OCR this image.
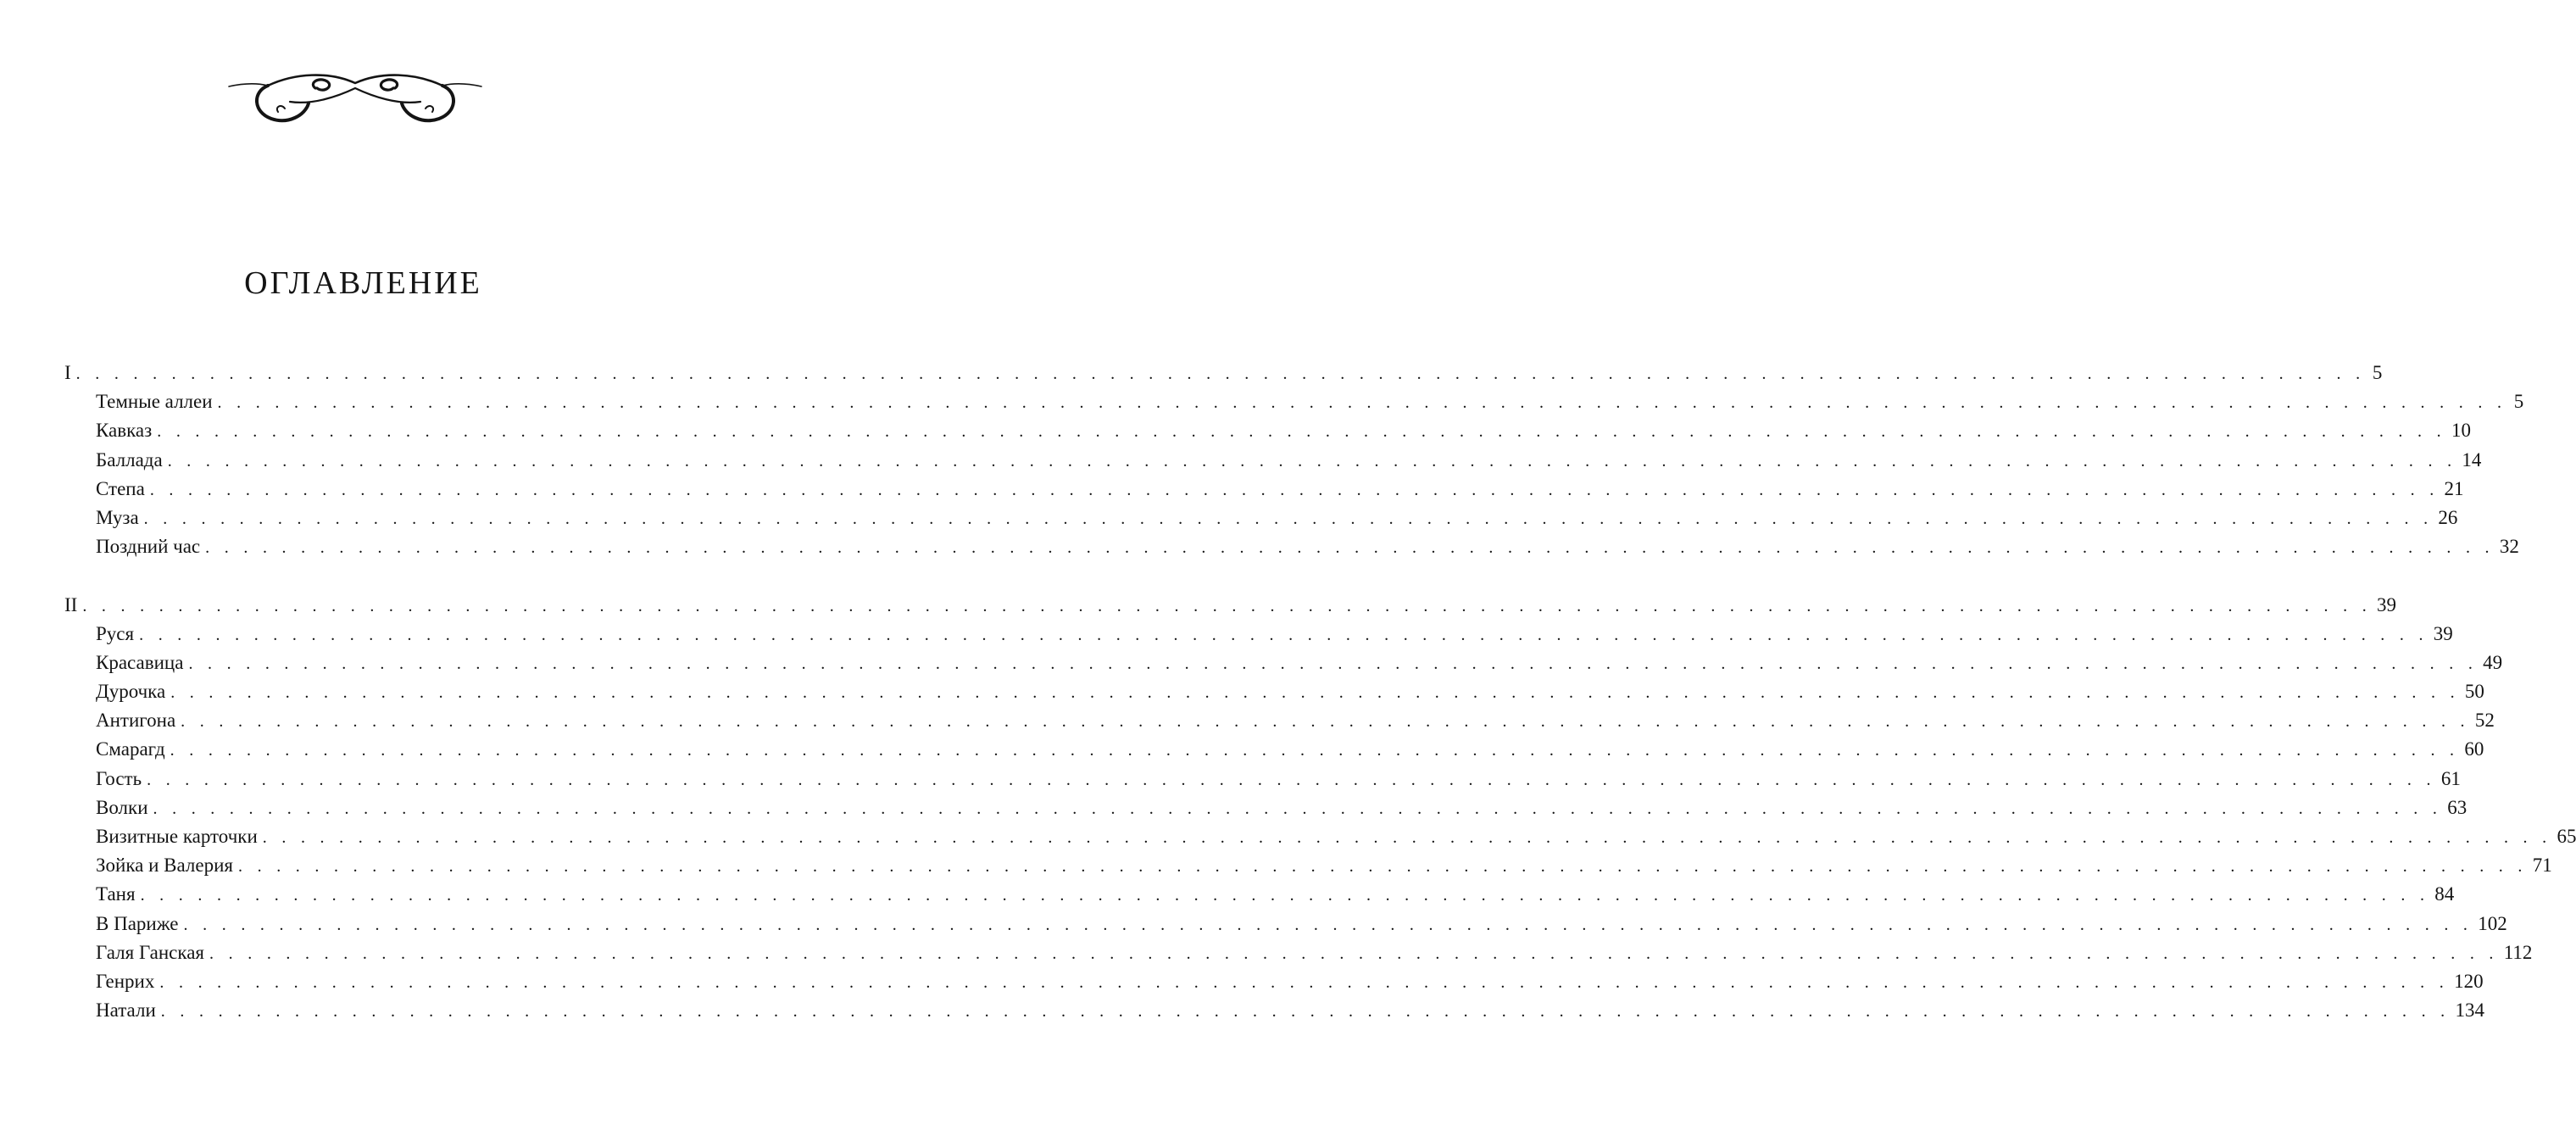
ОГЛАВЛЕНИЕ
I . . . . . . . . . . . . . . . . . . . . . . . . . . . . . . . . . . . . . . . . . . . . . . . . . . . . . . . . . . . . . . . . . . . . . . . . . . . . . . . . . . . . . . . . . . . . . . . . . . . . . . . . . . . . . . . . . . . . . . . . 5
Темные аллеи . . . . . . . . . . . . . . . . . . . . . . . . . . . . . . . . . . . . . . . . . . . . . . . . . . . . . . . . . . . . . . . . . . . . . . . . . . . . . . . . . . . . . . . . . . . . . . . . . . . . . . . . . . . . . . . . . . . . . . . . 5
Кавказ . . . . . . . . . . . . . . . . . . . . . . . . . . . . . . . . . . . . . . . . . . . . . . . . . . . . . . . . . . . . . . . . . . . . . . . . . . . . . . . . . . . . . . . . . . . . . . . . . . . . . . . . . . . . . . . . . . . . . . . . 10
Баллада . . . . . . . . . . . . . . . . . . . . . . . . . . . . . . . . . . . . . . . . . . . . . . . . . . . . . . . . . . . . . . . . . . . . . . . . . . . . . . . . . . . . . . . . . . . . . . . . . . . . . . . . . . . . . . . . . . . . . . . . 14
Степа . . . . . . . . . . . . . . . . . . . . . . . . . . . . . . . . . . . . . . . . . . . . . . . . . . . . . . . . . . . . . . . . . . . . . . . . . . . . . . . . . . . . . . . . . . . . . . . . . . . . . . . . . . . . . . . . . . . . . . . . 21
Муза . . . . . . . . . . . . . . . . . . . . . . . . . . . . . . . . . . . . . . . . . . . . . . . . . . . . . . . . . . . . . . . . . . . . . . . . . . . . . . . . . . . . . . . . . . . . . . . . . . . . . . . . . . . . . . . . . . . . . . . . 26
Поздний час . . . . . . . . . . . . . . . . . . . . . . . . . . . . . . . . . . . . . . . . . . . . . . . . . . . . . . . . . . . . . . . . . . . . . . . . . . . . . . . . . . . . . . . . . . . . . . . . . . . . . . . . . . . . . . . . . . . . . . . . 32
II . . . . . . . . . . . . . . . . . . . . . . . . . . . . . . . . . . . . . . . . . . . . . . . . . . . . . . . . . . . . . . . . . . . . . . . . . . . . . . . . . . . . . . . . . . . . . . . . . . . . . . . . . . . . . . . . . . . . . . . . 39
Руся . . . . . . . . . . . . . . . . . . . . . . . . . . . . . . . . . . . . . . . . . . . . . . . . . . . . . . . . . . . . . . . . . . . . . . . . . . . . . . . . . . . . . . . . . . . . . . . . . . . . . . . . . . . . . . . . . . . . . . . . 39
Красавица . . . . . . . . . . . . . . . . . . . . . . . . . . . . . . . . . . . . . . . . . . . . . . . . . . . . . . . . . . . . . . . . . . . . . . . . . . . . . . . . . . . . . . . . . . . . . . . . . . . . . . . . . . . . . . . . . . . . . . . . 49
Дурочка . . . . . . . . . . . . . . . . . . . . . . . . . . . . . . . . . . . . . . . . . . . . . . . . . . . . . . . . . . . . . . . . . . . . . . . . . . . . . . . . . . . . . . . . . . . . . . . . . . . . . . . . . . . . . . . . . . . . . . . . 50
Антигона . . . . . . . . . . . . . . . . . . . . . . . . . . . . . . . . . . . . . . . . . . . . . . . . . . . . . . . . . . . . . . . . . . . . . . . . . . . . . . . . . . . . . . . . . . . . . . . . . . . . . . . . . . . . . . . . . . . . . . . . 52
Смарагд . . . . . . . . . . . . . . . . . . . . . . . . . . . . . . . . . . . . . . . . . . . . . . . . . . . . . . . . . . . . . . . . . . . . . . . . . . . . . . . . . . . . . . . . . . . . . . . . . . . . . . . . . . . . . . . . . . . . . . . . 60
Гость . . . . . . . . . . . . . . . . . . . . . . . . . . . . . . . . . . . . . . . . . . . . . . . . . . . . . . . . . . . . . . . . . . . . . . . . . . . . . . . . . . . . . . . . . . . . . . . . . . . . . . . . . . . . . . . . . . . . . . . . 61
Волки . . . . . . . . . . . . . . . . . . . . . . . . . . . . . . . . . . . . . . . . . . . . . . . . . . . . . . . . . . . . . . . . . . . . . . . . . . . . . . . . . . . . . . . . . . . . . . . . . . . . . . . . . . . . . . . . . . . . . . . . 63
Визитные карточки . . . . . . . . . . . . . . . . . . . . . . . . . . . . . . . . . . . . . . . . . . . . . . . . . . . . . . . . . . . . . . . . . . . . . . . . . . . . . . . . . . . . . . . . . . . . . . . . . . . . . . . . . . . . . . . . . . . . . . . . 65
Зойка и Валерия . . . . . . . . . . . . . . . . . . . . . . . . . . . . . . . . . . . . . . . . . . . . . . . . . . . . . . . . . . . . . . . . . . . . . . . . . . . . . . . . . . . . . . . . . . . . . . . . . . . . . . . . . . . . . . . . . . . . . . . . 71
Таня . . . . . . . . . . . . . . . . . . . . . . . . . . . . . . . . . . . . . . . . . . . . . . . . . . . . . . . . . . . . . . . . . . . . . . . . . . . . . . . . . . . . . . . . . . . . . . . . . . . . . . . . . . . . . . . . . . . . . . . . 84
В Париже . . . . . . . . . . . . . . . . . . . . . . . . . . . . . . . . . . . . . . . . . . . . . . . . . . . . . . . . . . . . . . . . . . . . . . . . . . . . . . . . . . . . . . . . . . . . . . . . . . . . . . . . . . . . . . . . . . . . . . . . 102
Галя Ганская . . . . . . . . . . . . . . . . . . . . . . . . . . . . . . . . . . . . . . . . . . . . . . . . . . . . . . . . . . . . . . . . . . . . . . . . . . . . . . . . . . . . . . . . . . . . . . . . . . . . . . . . . . . . . . . . . . . . . . . . 112
Генрих . . . . . . . . . . . . . . . . . . . . . . . . . . . . . . . . . . . . . . . . . . . . . . . . . . . . . . . . . . . . . . . . . . . . . . . . . . . . . . . . . . . . . . . . . . . . . . . . . . . . . . . . . . . . . . . . . . . . . . . . 120
Натали . . . . . . . . . . . . . . . . . . . . . . . . . . . . . . . . . . . . . . . . . . . . . . . . . . . . . . . . . . . . . . . . . . . . . . . . . . . . . . . . . . . . . . . . . . . . . . . . . . . . . . . . . . . . . . . . . . . . . . . . 134
